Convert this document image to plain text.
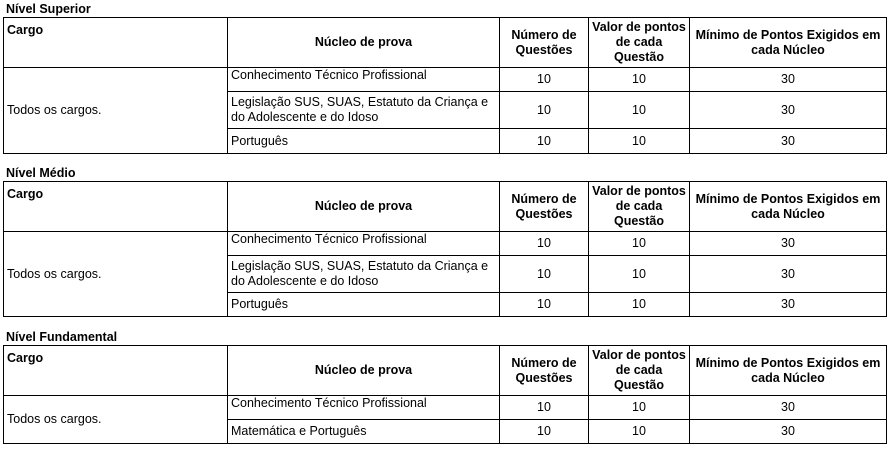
Nível Superior
Cargo	Núcleo de prova	Número de Questões	Valor de pontos de cada Questão	Mínimo de Pontos Exigidos em cada Núcleo
Todos os cargos.	Conhecimento Técnico Profissional	10	10	30
	Legislação SUS, SUAS, Estatuto da Criança e do Adolescente e do Idoso	10	10	30
	Português	10	10	30
Nível Médio
Cargo	Núcleo de prova	Número de Questões	Valor de pontos de cada Questão	Mínimo de Pontos Exigidos em cada Núcleo
Todos os cargos.	Conhecimento Técnico Profissional	10	10	30
	Legislação SUS, SUAS, Estatuto da Criança e do Adolescente e do Idoso	10	10	30
	Português	10	10	30
Nível Fundamental
Cargo	Núcleo de prova	Número de Questões	Valor de pontos de cada Questão	Mínimo de Pontos Exigidos em cada Núcleo
Todos os cargos.	Conhecimento Técnico Profissional	10	10	30
	Matemática e Português	10	10	30
